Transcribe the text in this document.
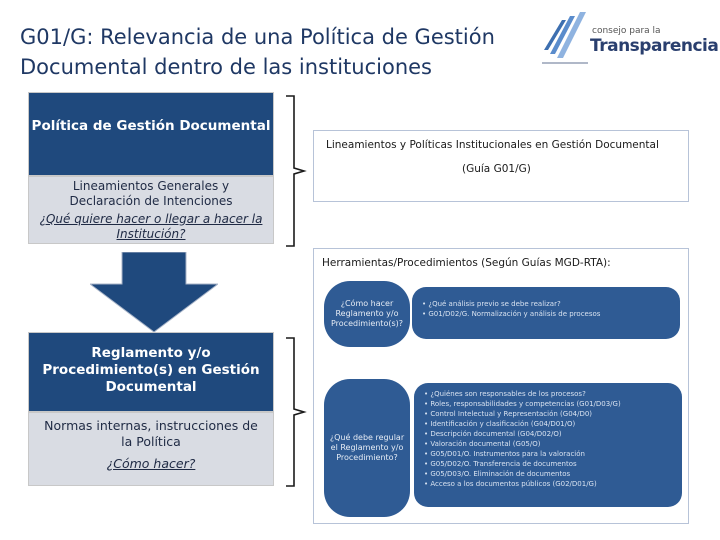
G01/G: Relevancia de una Política de Gestión
Documental dentro de las instituciones
consejo para la
Transparencia
Política de Gestión Documental
Lineamientos Generales y Declaración de Intenciones
¿Qué quiere hacer o llegar a hacer la Institución?
Reglamento y/o Procedimiento(s) en Gestión Documental
Normas internas, instrucciones de la Política
¿Cómo hacer?
Lineamientos y Políticas Institucionales en Gestión Documental
(Guía G01/G)
Herramientas/Procedimientos (Según Guías MGD-RTA):
¿Cómo hacer Reglamento y/o Procedimiento(s)?
• ¿Qué análisis previo se debe realizar?
• G01/D02/G. Normalización y análisis de procesos
¿Qué debe regular el Reglamento y/o Procedimiento?
• ¿Quiénes son responsables de los procesos?
• Roles, responsabilidades y competencias (G01/D03/G)
• Control Intelectual y Representación (G04/D0)
• Identificación y clasificación (G04/D01/O)
• Descripción documental (G04/D02/O)
• Valoración documental (G05/O)
• G05/D01/O. Instrumentos para la valoración
• G05/D02/O. Transferencia de documentos
• G05/D03/O. Eliminación de documentos
• Acceso a los documentos públicos (G02/D01/G)
